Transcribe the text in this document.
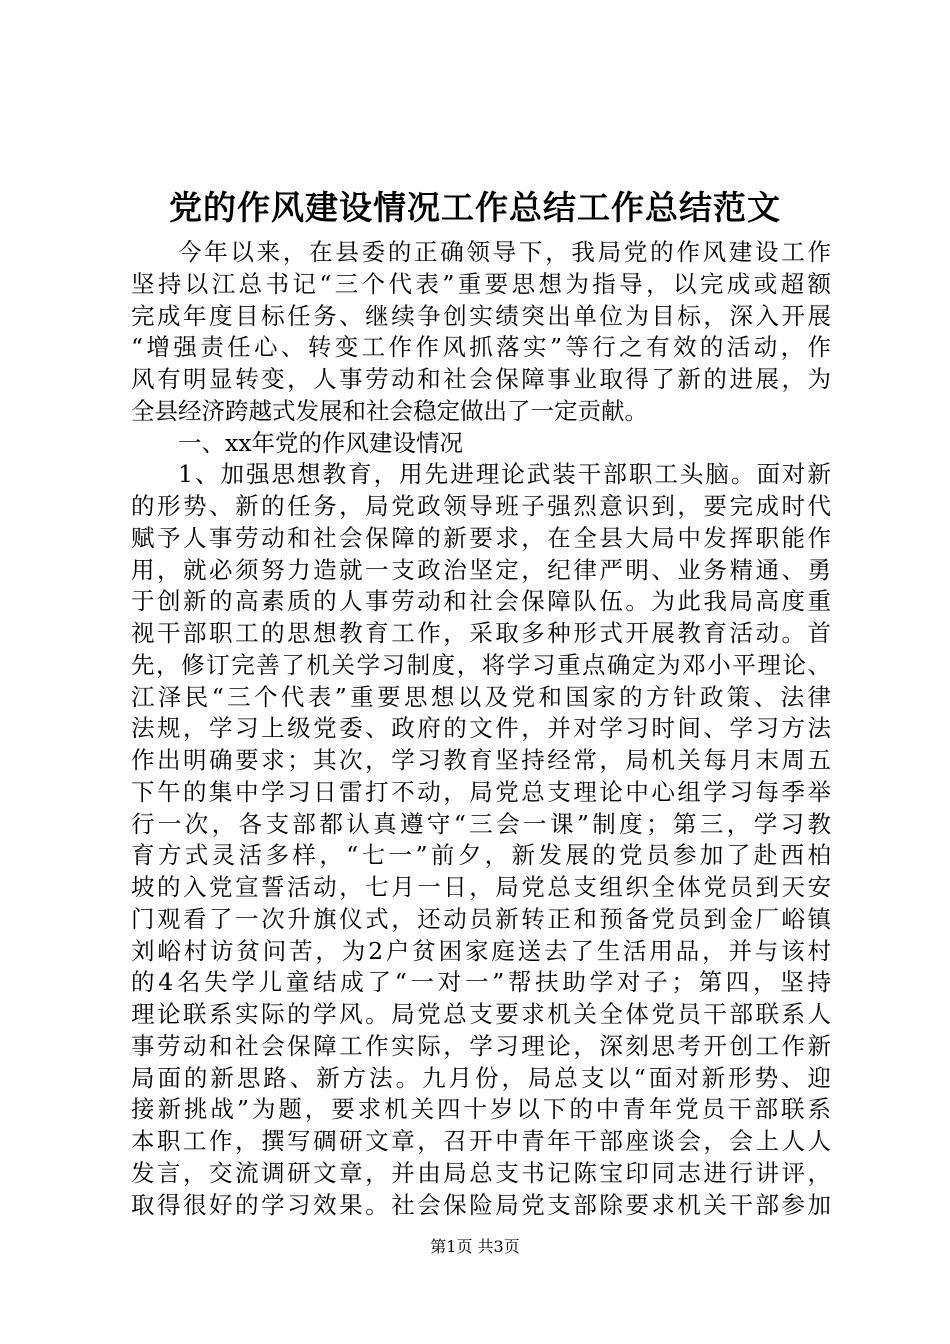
党的作风建设情况工作总结工作总结范文
今年以来，在县委的正确领导下，我局党的作风建设工作
坚持以江总书记“三个代表”重要思想为指导，以完成或超额
完成年度目标任务、继续争创实绩突出单位为目标，深入开展
“增强责任心、转变工作作风抓落实”等行之有效的活动，作
风有明显转变，人事劳动和社会保障事业取得了新的进展，为
全县经济跨越式发展和社会稳定做出了一定贡献。
一、xx年党的作风建设情况
1、加强思想教育，用先进理论武装干部职工头脑。面对新
的形势、新的任务，局党政领导班子强烈意识到，要完成时代
赋予人事劳动和社会保障的新要求，在全县大局中发挥职能作
用，就必须努力造就一支政治坚定，纪律严明、业务精通、勇
于创新的高素质的人事劳动和社会保障队伍。为此我局高度重
视干部职工的思想教育工作，采取多种形式开展教育活动。首
先，修订完善了机关学习制度，将学习重点确定为邓小平理论、
江泽民“三个代表”重要思想以及党和国家的方针政策、法律
法规，学习上级党委、政府的文件，并对学习时间、学习方法
作出明确要求；其次，学习教育坚持经常，局机关每月末周五
下午的集中学习日雷打不动，局党总支理论中心组学习每季举
行一次，各支部都认真遵守“三会一课”制度；第三，学习教
育方式灵活多样，“七一”前夕，新发展的党员参加了赴西柏
坡的入党宣誓活动，七月一日，局党总支组织全体党员到天安
门观看了一次升旗仪式，还动员新转正和预备党员到金厂峪镇
刘峪村访贫问苦，为2户贫困家庭送去了生活用品，并与该村
的4名失学儿童结成了“一对一”帮扶助学对子；第四，坚持
理论联系实际的学风。局党总支要求机关全体党员干部联系人
事劳动和社会保障工作实际，学习理论，深刻思考开创工作新
局面的新思路、新方法。九月份，局总支以“面对新形势、迎
接新挑战”为题，要求机关四十岁以下的中青年党员干部联系
本职工作，撰写碉研文章，召开中青年干部座谈会，会上人人
发言，交流调研文章，并由局总支书记陈宝印同志进行讲评，
取得很好的学习效果。社会保险局党支部除要求机关干部参加
第1页 共3页
